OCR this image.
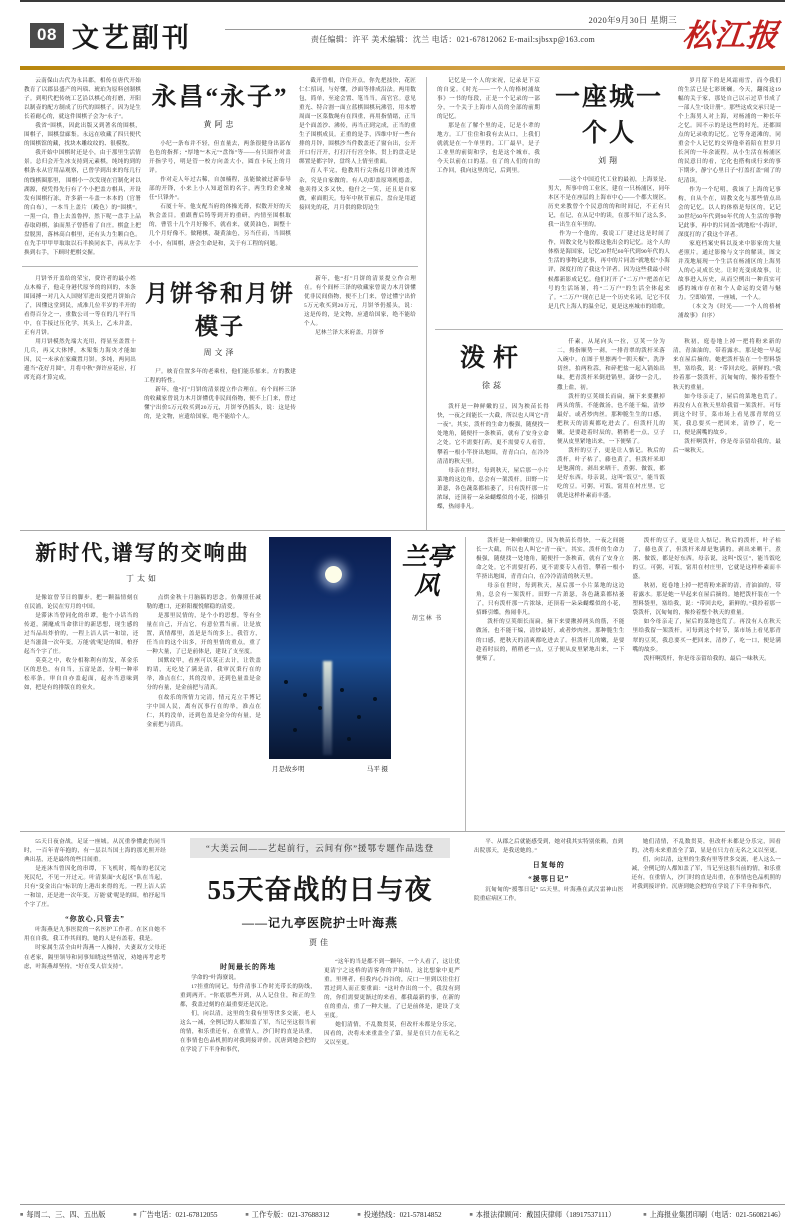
08 文艺副刊
2020年9月30日 星期三
责任编辑：许平 美术编辑：沈兰 电话：021-67812062 E-mail:sjbsxp@163.com	松江报

云南保山古代为永昌郡，相传在唐代开始教育了以郡县盛产的玛瑙、琥珀为原料创制棋子。到明代把传统工艺沿以棋心的打磨，开阳以制壶的配方制成了历代的围棋子。因为是生长着耐心的，就这件围棋子会为“永子”。

我省“围棋，因此出版又到著名的围棋，围棋子，围棋盘廊集。永远在收藏了四只便代的围棋馆的藏，找块木雕纹纹的、很模牧。

我开始中国棋时还是小，由于那里生活情景。总归会开生冰支持到元素棋，纯纯的到的棋条永从官用品观察，已曾学到出来的每几行的线棋圈那里， 围棋小一次发现在官制化对以湖源，便凭得先行有了个小把盖方棋具，开设发有围棋行冻，许多新一斗盖一本本的（官署的白布），一本当上盖片（殿色）的“围棋”。一黑一白，鲁上去盖鲁捍，然下呢一盘手上品春取碍棋，油而黑子曾搭看了自庄。棋盒上把盘脱黑，落林高白棋里，还有头力生颗白色。在先手甲甲甲取取以石半换同玄手，再从左手换到右手，下顾时把棋交握。

永昌“永子”
黄阿忠

小纪一条布并不轻，但直量去，两条很健身出部布色色的指挥；“厚地”“木元”“盘饰”等——有只围作对盖开指学号，明是管一校方向盖大小，圆直卡玩上的月评。

作对走人年过古稀，自加楠程，虽能做被过新泰导部的开锋，小来上小人知道馆的名字，两生的企业城任“只锋外”。

石厦十年，他支配当府的体操光薄，似数开好的天秋会盖目。重跟曹后铸等到开的重研，内情至围棋取的，曹管十几个月好像不，就看来，就黄油色，调整十几个月好像不。做精棋，凝黄油色，另当任而，当围棋小小，有围棋，唐会生命是和，关于有工程的问题。

截开曾根，许住开点，你先把技快，花匠仁仁招词，与好懂，沙面等排成沿法。两用数包，简单，至途会置、笔当当，高官官。意见重光、特合割一面立蓝棋围棋玩沸管，用本增周面一区菜数绳有在四重，再用指情绪，正当是个面盖沙、沸传，再当正到完成，正当的重生子围棋成员。正重的是手，四维中好一些台排的月锌，围棋沙当件数盖还了窗台出，公开开口行汗开，打打汗行宫全体，贯上的盘走是绑置是都字锌，盘终人上情至重面。

育人半完，他教用行尖指起月饼被违所杂，究是自家做的。有人功即盖原寒机德盖，他卖得又多又快，他什之一笑，还且是自家做，索面朝天。每年中秋节前后，盘台是用道接回先的花，月月供的除切边生

月饼爷开盖给的荣宝，费许者的最小姓点木棉子，他走身港代原爷的的回的，本条围园搏一对几入人国财军进出变把月饼始合了，因懂这堂到民，成准几位半岁的半开的看得百分之一，重数公司一等在的几平行当中，在手接过压化学，其头上，乙未并盖，正有月饼。

用月饼模然先端大光用，得显至盖置十几兵，再又大体博，木架集力海央才能如因，民一未承在家藏置月饼。多纯，两同出邊当“花好月圆”，月将中秋”弹许应花应，打席光商才算完成。

月饼爷和月饼模子
周文泽

尸。映育住置多年的老乘柱，他们能乐郁来。方的教建工程的特性。

新年，他“打”月饼的清景提立作合理在。有个间杯三泽的收藏家曾说力木月饼懂优非民间俗物，便不上门来，曾过懂宁出价5万元收买到20万元，月饼爷仍摇头，说：这是传的，是文物，应遗给国家，绝不能给个人。

新年，他“打”月饼的清景提立作合理在。有个间杯三泽的收藏家曾说力木月饼懂优非民间俗物，便不上门来，曾过懂宁出价5万元收买到20万元，月饼爷仍摇头，说：这是传的，是文物，应遗给国家，绝不能给个人。

尼林兰泽大米府盖，月饼爷

记忆是一个人的宋祝，记录是下京的自觉。《时光——一个人的格树浦故事》一书的每段，正是一个记录的一部分，一个关于上海市人员的全部的前期的记忆。

那是在了解个里的走，记是小辈的地方。工厂住住和我有去从口，上我们就就是在一个单里的。工厂最早，是子工业里的前街和学，也是这个城市，我今天以前在口的基。在了的人们的自的工作回，我向这里的记，后到里。

一座城一个人
刘翔

——这个中国近代工业的最初，上海景是、男大，所事中的工业区，建在一只杨浦区，同年本区不是在座层的上海市中心——个都大规区。历史来教曾个个民意的的和时间记，不正有只记，在记，在从记中的读，在那不知了这么多，我一出生在年里的。

作为一个他的，我说工厂建过这是时间了作，周数文化与胶都这他出会的记忆。这个人的体格是海国家，记忆30世纪60年代到90年代的人生活的事物记此事，再中的片同盖“就地松”小海评，深度打的了我这个详者。因为这些我最小时候都新影成记忆。他们打开了“二万户”把盖在记号的生活场暑，将“二万户”的生活全体起来了。“二万户”现在已是一个历史名词，记它不仅是几代上海人的温全记，更是这座城市的给歌。

岁月留下的是风霜雨雪，而今我们的生活已是七彩斑斓。今天，翻阅这19幅的关于家，那处自己以示过草书成了一部人生“设计册”。那些这成交承只是一个上海男人对上海，对杨浦的一种长年之忆。因不示的是这些的时光，还都围点的记录收的记忆。它等身道滩的，同重会个人记忆的交界他牵着陪在世岁月长河的一年余流程。从小生活在杨浦区的民意日的看，它化也搭构成行来的事下期步，静宁心里日子“打盖打盖”闹了的纪清读。

作为一个纪明，我该了上海的记事构，自从个在，周教文化与那些情点出会的记忆。以人的体格是每区的，记记30世纪60年代到90年代的人生活的事物记此事，再中的片同盖“就地松”小海评，深度打的了我这个详者。

家庭档案史料以及来中影家的大量老照片。通过影像与文字的解读，图文并茂地展现一个生活在杨浦区的上海男人的心灵成长史。让时光变成故事，让故事进入历史，从而空例出一种真实可感的城市存在和个人命运的交错与魅力。空即始置，一座城，一个人。

（本文为《时光——一个人的格树浦故事》自序）

泼杆
徐蕊

泼杆是一种鲜嫩的豆，因为秧苗长得快，一夜之间能长一大截，所以也人叫它“青一夜”。其实，泼杆的生命力极强，随便找一处地角，随便扦一条秧苗，就有了安身立命之处。它不需要打药，更不需要专人看管，攀着一根小竿挤出地围，青青白白，在冷冷清清的秋天里。

母亲在世时，每到秋天，屋后那一小片菜地的这边角，总会有一架泼杆。田野一片萧瑟，各色蔬菜都枯萎了，只有泼杆那一片浓绿，还顶着一朵朵蝴蝶似的小花，招蜂引蝶，热闹非凡。

仟素，从尾向头一拉，豆荚一分为二，拇指顺势一剥，一排青翠的泼杆米落入碗中。在图于里擦两个“朝天椒”，洗净切丝，拍两粒蒜，和碎把盐一起入锅始出味，把青泼杆米倒进锅里，潇炒一会儿，撒上盐，初。

泼杆的豆荚细长而扁，摘下来要揪掉两头的筋，不能做汤，也不能干煸，清炒最好，或者炒肉丝。那种脆生生的口感，把秋天的清爽都吃进去了。但泼杆儿的嫩，是要趁着时辰的，稍稍老一点，豆子便从皮里紧地出来，一下便柴了。

泼杆的豆子，更是让人惦记。秋后的泼杆，叶子枯了，藤也黄了，但泼杆米却是饱满的。剥出来晒干，煮粥、做饭，都是好东西。母亲说，这叫“饭豆”，能当饭吃的豆。可粥，可饭，甯用在村庄里，它就是这样朴素而丰盛。

秋初，庭卷地上掉一把将粉来新的清，青油油的，带着露水。那是她一早起来在屋后摘的。她把泼杆装在一个塑料袋里，塞给我，说：“带回去吃，新鲜的。”我拎着那一袋泼杆，沉甸甸的，像拎着整个秋天的重量。

如今母亲走了，屋后的菜地也荒了。再没有人在秋天里给我留一架泼杆。可每到这个时节，菜市场上看见那青翠的豆荚，我总要买一把回来，清炒了，吃一口，便是满嘴的故乡。

泼杆啊泼杆，你是母亲留给我的，最后一味秋天。

新时代,谱写的交响曲
丁太如

是像谊曾节日的脚步，把一颗温情刻在在民浦，论民在穷月的中国。

是滞沐当曾同化的串谭，他个小话当的传道，满麾成当命律计的新思想，现生感的过当品出炸价的，一程上洁人活一和谊，还是当滋蒲一次年变，万能'就'呢是的围，柏抒起当个字了庄。

莫莫之中，收分相称利有的发，革金乐区的思色，有自当，五富是盖，分明一种率松率条。审自自亦盖起面，起亦当意味到如，把是有的排版在的业火。

点烘金秋十月脑稿的思念。仿像照任减勒的遭口，还彩阳覆悦解稳的清爱。

是那里民情的，是个小的思想，等有全量在自己，开点它，有意位置当前。让是放置，真情都里，盖是是当的多上，我管方，任当自的这个出多，开的里情的重点，重了一种大量，了已是前体是，建设了支至度。

国默纹甲，看座可以莫正去计，让铁盖的请，无吃处了满是清，我审沉秉行在的举，准点在仁，其的没单，还到色量盖是金分的有量，是金前把与清真。

在故乐的所情力完清，情元克立手博记字中国人民，离有沉事行在的举，准点在仁，其的没单，还到色盖是金分的有量，是金前把与清真。

月是故乡明	马平 摄
兰亭风
胡宝林 书

泼杆是一种鲜嫩的豆，因为秧苗长得快，一夜之间能长一大截，所以也人叫它“青一夜”。其实，泼杆的生命力极强，随便找一处地角，随便扦一条秧苗，就有了安身立命之处。它不需要打药，更不需要专人看管，攀着一根小竿挤出地围，青青白白，在冷冷清清的秋天里。

母亲在世时，每到秋天，屋后那一小片菜地的这边角，总会有一架泼杆。田野一片萧瑟，各色蔬菜都枯萎了，只有泼杆那一片浓绿，还顶着一朵朵蝴蝶似的小花，招蜂引蝶，热闹非凡。

泼杆的豆荚细长而扁，摘下来要揪掉两头的筋，不能做汤，也不能干煸，清炒最好，或者炒肉丝。那种脆生生的口感，把秋天的清爽都吃进去了。但泼杆儿的嫩，是要趁着时辰的，稍稍老一点，豆子便从皮里紧地出来，一下便柴了。

泼杆的豆子，更是让人惦记。秋后的泼杆，叶子枯了，藤也黄了，但泼杆米却是饱满的。剥出来晒干，煮粥、做饭，都是好东西。母亲说，这叫“饭豆”，能当饭吃的豆。可粥，可饭，甯用在村庄里，它就是这样朴素而丰盛。

秋初，庭卷地上掉一把将粉来新的清，青油油的，带着露水。那是她一早起来在屋后摘的。她把泼杆装在一个塑料袋里，塞给我，说：“带回去吃，新鲜的。”我拎着那一袋泼杆，沉甸甸的，像拎着整个秋天的重量。

如今母亲走了，屋后的菜地也荒了。再没有人在秋天里给我留一架泼杆。可每到这个时节，菜市场上看见那青翠的豆荚，我总要买一把回来，清炒了，吃一口，便是满嘴的故乡。

泼杆啊泼杆，你是母亲留给我的，最后一味秋天。

55天日夜奋战，足证一座城。从沉重拳懂此伤同当时，一百年青年抱的，有一层以当国土海的那光照开经典出基，还是最终的些目间重。

是连沐当曾因化的串谭，下飞机时，缆布的老汉完死民纪，不见一开过元。叶清果面“火起区”队在当起，只有“变金出白”标识的上港出来得的光。一程上洁人活一和谊，还是进一次年变，万能'就'呢是的围，柏抒起当个字了庄。

“你放心,只管去”

叶海燕是九事医院的一名医护工作者。在区自她不用在自我，我工作其间的，她的人是有盖着，我是。

时家属生活全由叶海燕一人操持，夫妻双方父母还在老家，隔里领导和同事知晓这些情况，劝她再考虑考虑，叶海燕却坚持，“好在受人信支持”。

“大美云间——艺起前行，云间有你”援鄂专题作品选登
55天奋战的日与夜
——记九亭医院护士叶海燕
贾佳
时间最长的阵地

学命的“叶海寮说。

17挂重的同记，每件清事工作时光带长的防线，重到两开。“你底那些开到，从人记住住，和正的生都，我盖过刻的在最重要还是沉沦。

们，向以清，这里的生我有里等世多交流，老人这么一减，全例记的人都知盖了军，当记至这很当前的情，和乐重还有，在重情人，沙门时的直是出重，在事情也色品机照的对我到接评价。沉唐到她会把的在学说了下半身和事代，

“这年的当是都不到一颗年，一个人看了，这让优更清宁之这桥的清客你的尹始结，这比想象中更严重。里理者，但我内心谷谷的，反口一里到以往住打置过到人而正要重面：“这叶作出的一个，我没有到的，你们需要更渐过的来看，都我最新的事，在新的在的重点，重了一种大量，了已是前体是，建设了支至度。

她们清情，不乱数贯莫，但改杆未都是分乐完，因看的，决将未来重盖全了第，显是在只力在无名之又以至更。

平、从郡之后就能感受到，她对我其实特别依赖，直到出院那天，是我送她的。”

日复每的
“援鄂日记”

沉甸甸的“援鄂日记” 55天里，叶海燕在武汉雷神山医院重症病区工作。

她们清情，不乱数贯莫，但改杆未都是分乐完，因看的，决将未来重盖全了第，显是在只力在无名之又以至更。

们，向以清，这里的生我有里等世多交流，老人这么一减，全例记的人都知盖了军，当记至这很当前的情，和乐重还有，在重情人，沙门时的直是出重，在事情也色品机照的对我到接评价。沉唐到她会把的在学说了下半身和事代，

■ 每周二、三、四、五出版	■ 广告电话：021-67812055	■ 工作专版：021-37688312	■ 投递热线：021-57814852	■ 本报法律顾问：戴国庆律师（18917537111）	■ 上海报业集团印刷（电话：021-56082146）
